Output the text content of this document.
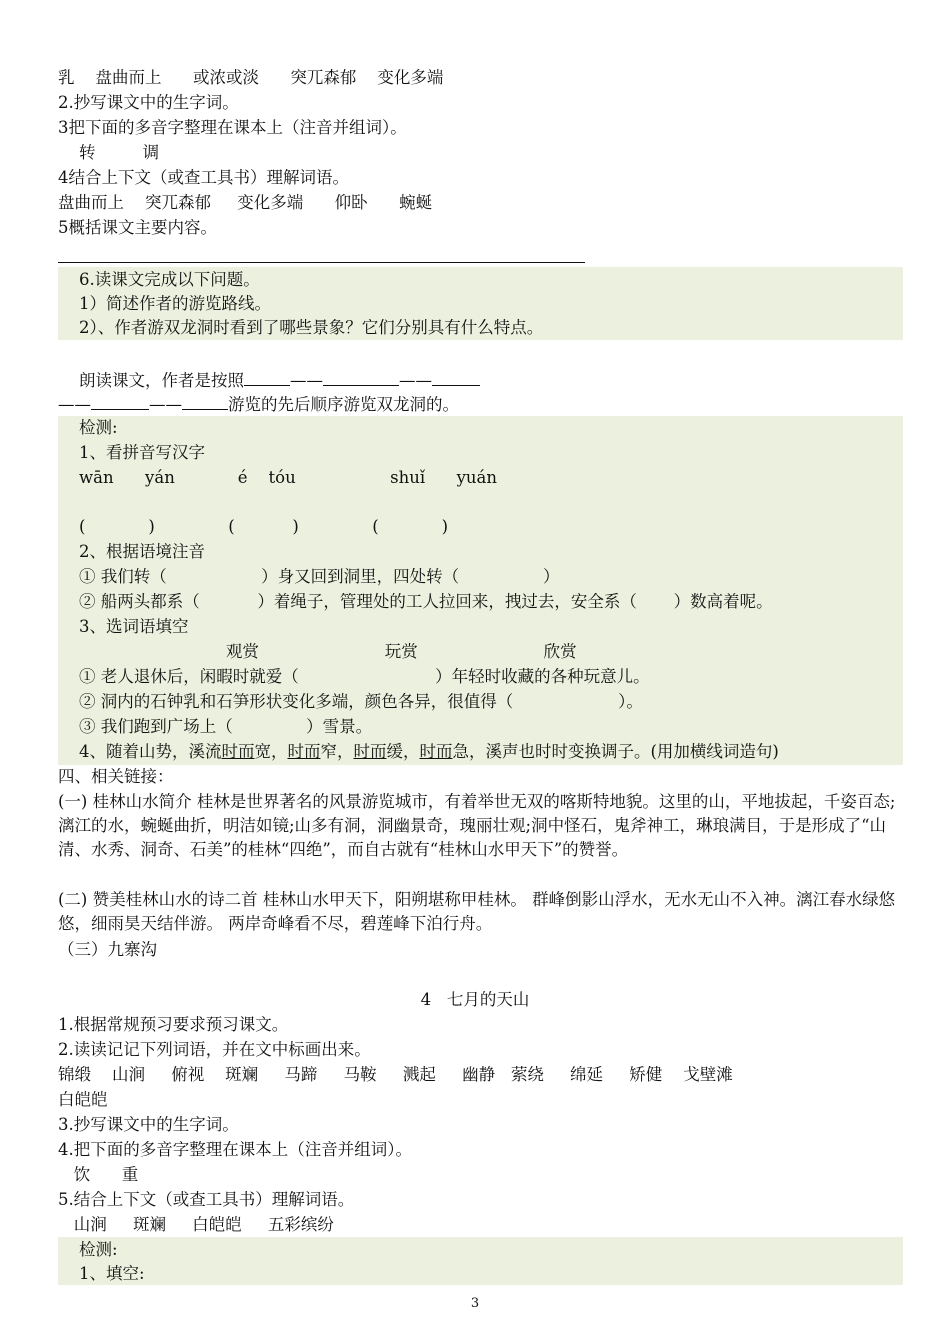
乳    盘曲而上      或浓或淡      突兀森郁    变化多端

2.抄写课文中的生字词。

3把下面的多音字整理在课本上（注音并组词）。

转         调

4结合上下文（或查工具书）理解词语。

盘曲而上    突兀森郁     变化多端      仰卧      蜿蜒

5概括课文主要内容。

6.读课文完成以下问题。

1）简述作者的游览路线。

2）、作者游双龙洞时看到了哪些景象？它们分别具有什么特点。

朗读课文，作者是按照	——	——

——	——	游览的先后顺序游览双龙洞的。

检测:

1、看拼音写汉字

wān      yán            é    tóu                  shuǐ      yuán

(            )              (           )              (            )

2、根据语境注音

① 我们转（                  ）身又回到洞里，四处转（                ）

② 船两头都系（           ）着绳子，管理处的工人拉回来，拽过去，安全系（       ）数高着呢。

3、选词语填空

观赏                        玩赏                        欣赏

① 老人退休后，闲暇时就爱（                          ）年轻时收藏的各种玩意儿。

② 洞内的石钟乳和石笋形状变化多端，颜色各异，很值得（                    ）。

③ 我们跑到广场上（              ）雪景。

4、随着山势，溪流时而宽，时而窄，时而缓，时而急，溪声也时时变换调子。(用加横线词造句)

四、相关链接：

(一) 桂林山水简介 桂林是世界著名的风景游览城市，有着举世无双的喀斯特地貌。这里的山，平地拔起，千姿百态;漓江的水，蜿蜒曲折，明洁如镜;山多有洞，洞幽景奇，瑰丽壮观;洞中怪石，鬼斧神工，琳琅满目，于是形成了“山清、水秀、洞奇、石美”的桂林“四绝”，而自古就有“桂林山水甲天下”的赞誉。

(二) 赞美桂林山水的诗二首 桂林山水甲天下，阳朔堪称甲桂林。 群峰倒影山浮水，无水无山不入神。漓江春水绿悠悠，细雨昊天结伴游。 两岸奇峰看不尽，碧莲峰下泊行舟。

（三）九寨沟

4   七月的天山

1.根据常规预习要求预习课文。

2.读读记记下列词语，并在文中标画出来。

锦缎    山涧     俯视    斑斓     马蹄     马鞍     溅起     幽静   萦绕     绵延     矫健    戈壁滩

白皑皑

3.抄写课文中的生字词。

4.把下面的多音字整理在课本上（注音并组词）。

饮      重

5.结合上下文（或查工具书）理解词语。

山涧     斑斓     白皑皑     五彩缤纷

检测:

1、填空:

3
